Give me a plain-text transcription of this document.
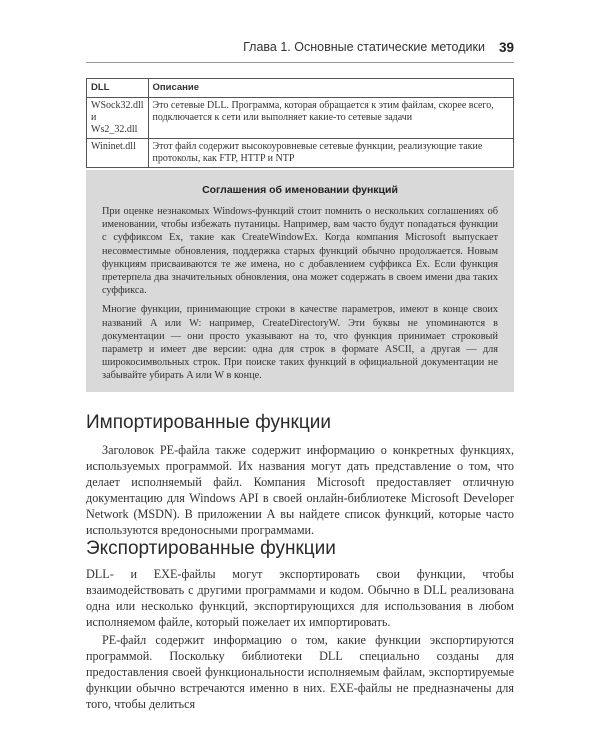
Глава 1. Основные статические методики 39
DLL	Описание
WSock32.dll и Ws2_32.dll	Это сетевые DLL. Программа, которая обращается к этим файлам, скорее всего, подключается к сети или выполняет какие-то сетевые задачи
Wininet.dll	Этот файл содержит высокоуровневые сетевые функции, реализующие такие протоколы, как FTP, HTTP и NTP
Соглашения об именовании функций

При оценке незнакомых Windows-функций стоит помнить о нескольких соглашениях об именовании, чтобы избежать путаницы. Например, вам часто будут попадаться функции с суффиксом Ex, такие как CreateWindowEx. Когда компания Microsoft выпускает несовместимые обновления, поддержка старых функций обычно продолжается. Новым функциям присваиваются те же имена, но с добавлением суффикса Ex. Если функция претерпела два значительных обновления, она может содержать в своем имени два таких суффикса.

Многие функции, принимающие строки в качестве параметров, имеют в конце своих названий A или W: например, CreateDirectoryW. Эти буквы не упоминаются в документации — они просто указывают на то, что функция принимает строковый параметр и имеет две версии: одна для строк в формате ASCII, а другая — для широкосимвольных строк. При поиске таких функций в официальной документации не забывайте убирать A или W в конце.

Импортированные функции

Заголовок PE-файла также содержит информацию о конкретных функциях, используемых программой. Их названия могут дать представление о том, что делает исполняемый файл. Компания Microsoft предоставляет отличную документацию для Windows API в своей онлайн-библиотеке Microsoft Developer Network (MSDN). В приложении А вы найдете список функций, которые часто используются вредоносными программами.

Экспортированные функции

DLL- и EXE-файлы могут экспортировать свои функции, чтобы взаимодействовать с другими программами и кодом. Обычно в DLL реализована одна или несколько функций, экспортирующихся для использования в любом исполняемом файле, который пожелает их импортировать.

PE-файл содержит информацию о том, какие функции экспортируются программой. Поскольку библиотеки DLL специально созданы для предоставления своей функциональности исполняемым файлам, экспортируемые функции обычно встречаются именно в них. EXE-файлы не предназначены для того, чтобы делиться
